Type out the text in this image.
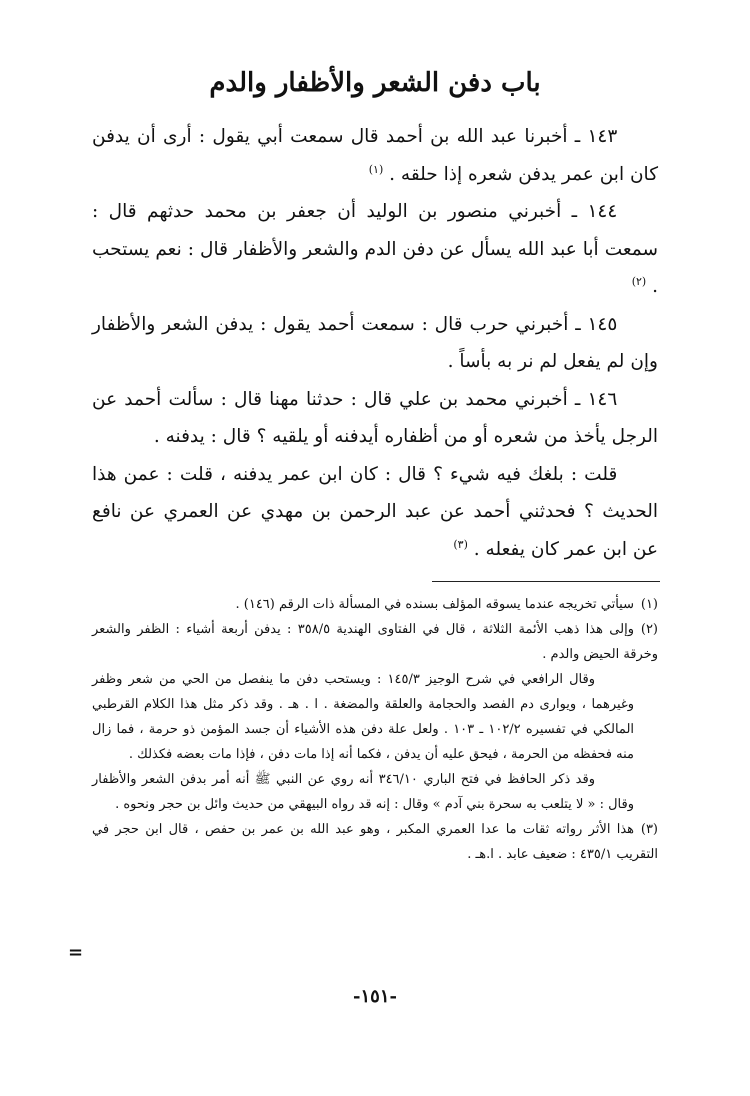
باب دفن الشعر والأظفار والدم

١٤٣ ـ أخبرنا عبد الله بن أحمد قال سمعت أبي يقول : أرى أن يدفن كان ابن عمر يدفن شعره إذا حلقه . $^{(١)}$

١٤٤ ـ أخبرني منصور بن الوليد أن جعفر بن محمد حدثهم قال : سمعت أبا عبد الله يسأل عن دفن الدم والشعر والأظفار قال : نعم يستحب . $^{(٢)}$

١٤٥ ـ أخبرني حرب قال : سمعت أحمد يقول : يدفن الشعر والأظفار وإن لم يفعل لم نر به بأساً .

١٤٦ ـ أخبرني محمد بن علي قال : حدثنا مهنا قال : سألت أحمد عن الرجل يأخذ من شعره أو من أظفاره أيدفنه أو يلقيه ؟ قال : يدفنه .

قلت : بلغك فيه شيء ؟ قال : كان ابن عمر يدفنه ، قلت : عمن هذا الحديث ؟ فحدثني أحمد عن عبد الرحمن بن مهدي عن العمري عن نافع عن ابن عمر كان يفعله . $^{(٣)}$

(١)سيأتي تخريجه عندما يسوقه المؤلف بسنده في المسألة ذات الرقم (١٤٦) .

(٢)وإلى هذا ذهب الأئمة الثلاثة ، قال في الفتاوى الهندية ٣٥٨/٥ : يدفن أربعة أشياء : الظفر والشعر وخرقة الحيض والدم .

وقال الرافعي في شرح الوجيز ١٤٥/٣ : ويستحب دفن ما ينفصل من الحي من شعر وظفر وغيرهما ، ويوارى دم الفصد والحجامة والعلقة والمضغة . ا . هـ . وقد ذكر مثل هذا الكلام القرطبي المالكي في تفسيره ١٠٢/٢ ـ ١٠٣ . ولعل علة دفن هذه الأشياء أن جسد المؤمن ذو حرمة ، فما زال منه فحفظه من الحرمة ، فيحق عليه أن يدفن ، فكما أنه إذا مات دفن ، فإذا مات بعضه فكذلك .

وقد ذكر الحافظ في فتح الباري ٣٤٦/١٠ أنه روي عن النبي ﷺ أنه أمر بدفن الشعر والأظفار وقال : « لا يتلعب به سحرة بني آدم » وقال : إنه قد رواه البيهقي من حديث وائل بن حجر ونحوه .

(٣)هذا الأثر رواته ثقات ما عدا العمري المكبر ، وهو عبد الله بن عمر بن حفص ، قال ابن حجر في التقريب ٤٣٥/١ : ضعيف عابد . ا.هـ .

=
-١٥١-
